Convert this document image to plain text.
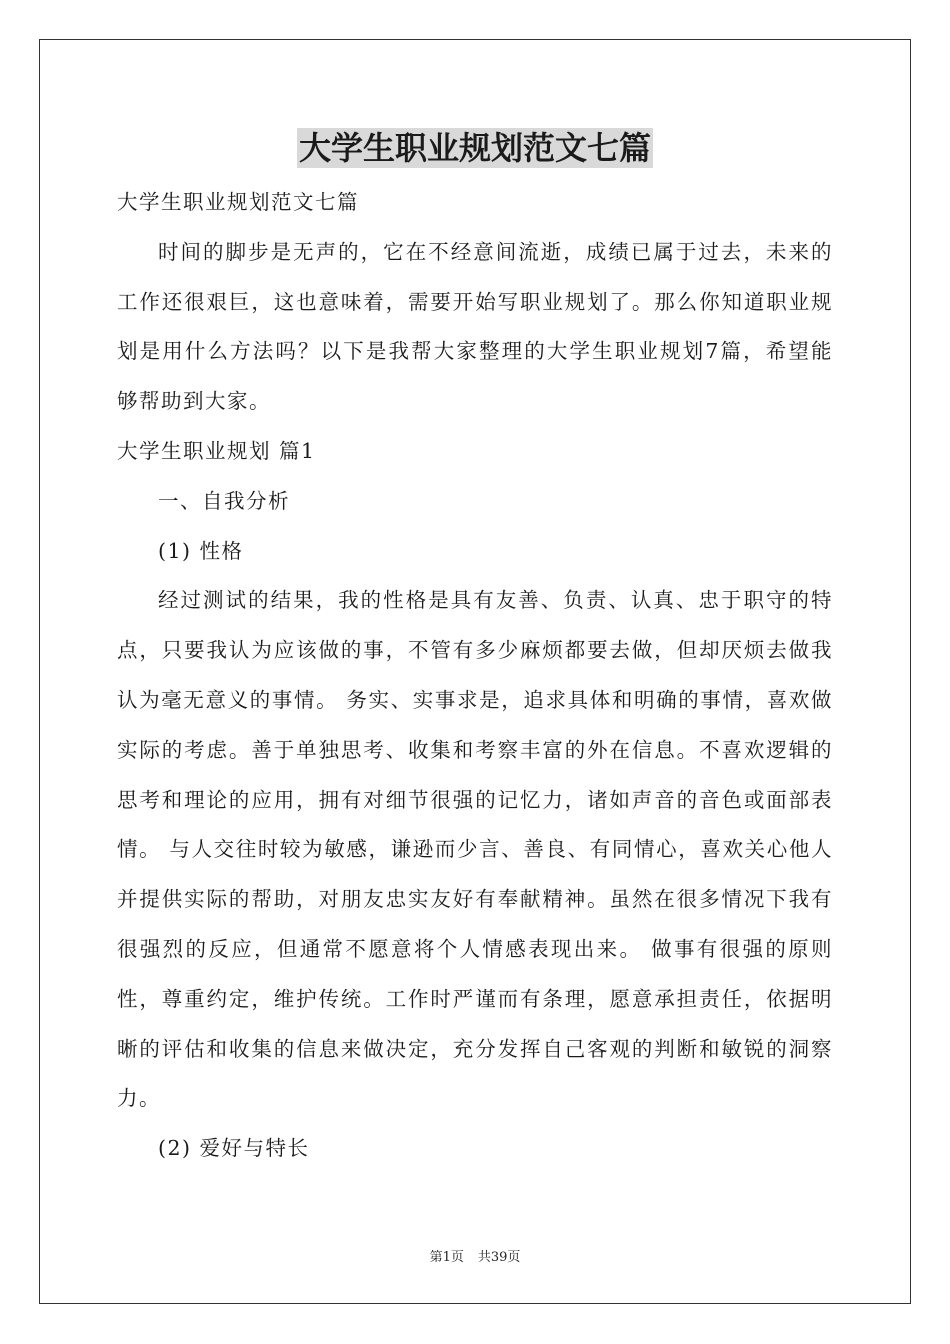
大学生职业规划范文七篇

大学生职业规划范文七篇

时间的脚步是无声的，它在不经意间流逝，成绩已属于过去，未来的工作还很艰巨，这也意味着，需要开始写职业规划了。那么你知道职业规划是用什么方法吗？以下是我帮大家整理的大学生职业规划7篇，希望能够帮助到大家。

大学生职业规划 篇1

一、自我分析

(1) 性格

经过测试的结果，我的性格是具有友善、负责、认真、忠于职守的特点，只要我认为应该做的事，不管有多少麻烦都要去做，但却厌烦去做我认为毫无意义的事情。 务实、实事求是，追求具体和明确的事情，喜欢做实际的考虑。善于单独思考、收集和考察丰富的外在信息。不喜欢逻辑的思考和理论的应用，拥有对细节很强的记忆力，诸如声音的音色或面部表情。 与人交往时较为敏感，谦逊而少言、善良、有同情心，喜欢关心他人并提供实际的帮助，对朋友忠实友好有奉献精神。虽然在很多情况下我有很强烈的反应，但通常不愿意将个人情感表现出来。 做事有很强的原则性，尊重约定，维护传统。工作时严谨而有条理，愿意承担责任，依据明晰的评估和收集的信息来做决定，充分发挥自己客观的判断和敏锐的洞察力。

(2) 爱好与特长

第1页 共39页
